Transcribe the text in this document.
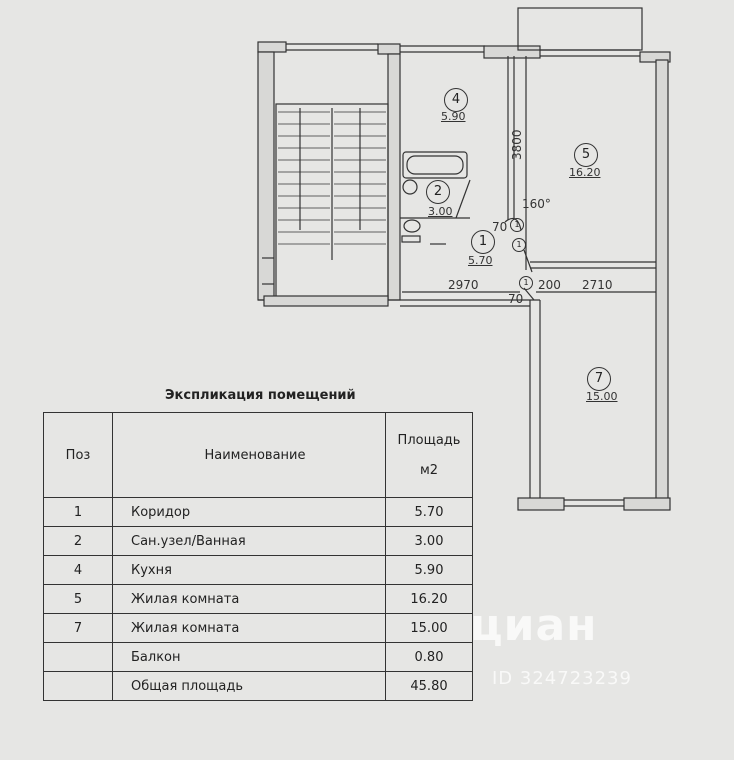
4
5.90
5
16.20
2
3.00
1
5.70
7
15.00
3800
160°
70
2970
70
200 2710
1
1
1
Экспликация помещений
Поз	Наименование	Площадь

м2
1	Коридор	5.70
2	Сан.узел/Ванная	3.00
4	Кухня	5.90
5	Жилая комната	16.20
7	Жилая комната	15.00
	Балкон	0.80
	Общая площадь	45.80
циан
ID 324723239
